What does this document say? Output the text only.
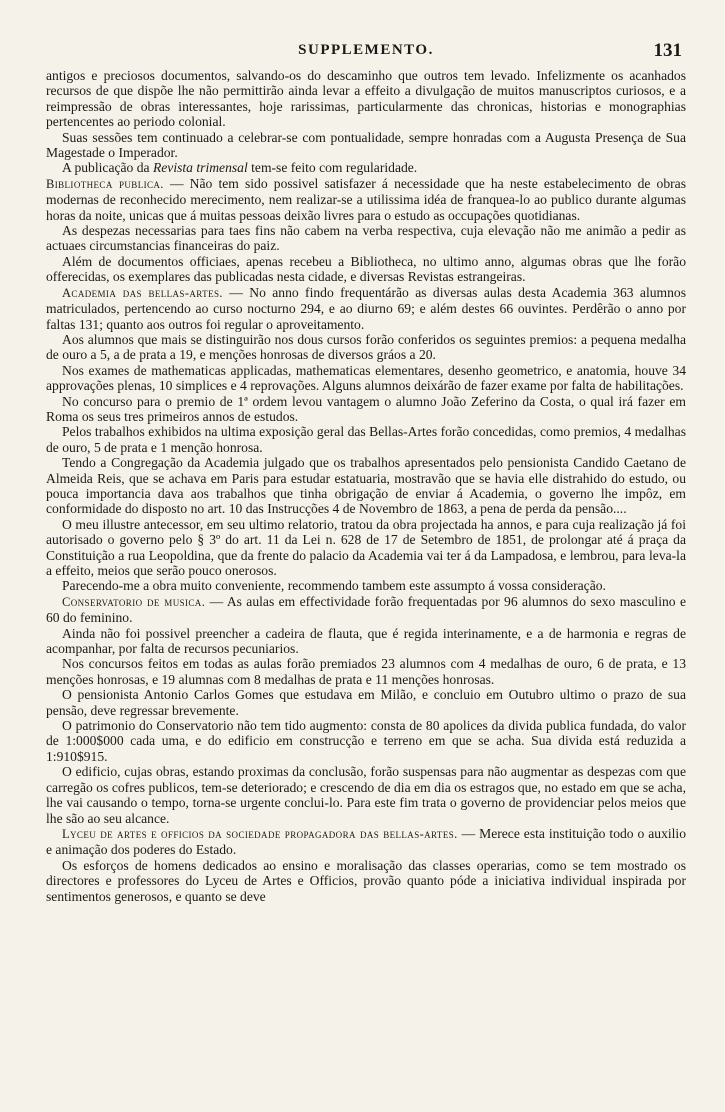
SUPPLEMENTO.	131

antigos e preciosos documentos, salvando-os do descaminho que outros tem levado. Infelizmente os acanhados recursos de que dispõe lhe não permittirão ainda levar a effeito a divulgação de muitos manuscriptos curiosos, e a reimpressão de obras interessantes, hoje rarissimas, particularmente das chronicas, historias e monographias pertencentes ao periodo colonial.

Suas sessões tem continuado a celebrar-se com pontualidade, sempre honradas com a Augusta Presença de Sua Magestade o Imperador.

A publicação da Revista trimensal tem-se feito com regularidade.

Bibliotheca publica. — Não tem sido possivel satisfazer á necessidade que ha neste estabelecimento de obras modernas de reconhecido merecimento, nem realizar-se a utilissima idéa de franquea-lo ao publico durante algumas horas da noite, unicas que á muitas pessoas deixão livres para o estudo as occupações quotidianas.

As despezas necessarias para taes fins não cabem na verba respectiva, cuja elevação não me animão a pedir as actuaes circumstancias financeiras do paiz.

Além de documentos officiaes, apenas recebeu a Bibliotheca, no ultimo anno, algumas obras que lhe forão offerecidas, os exemplares das publicadas nesta cidade, e diversas Revistas estrangeiras.

Academia das bellas-artes. — No anno findo frequentárão as diversas aulas desta Academia 363 alumnos matriculados, pertencendo ao curso nocturno 294, e ao diurno 69; e além destes 66 ouvintes. Perdêrão o anno por faltas 131; quanto aos outros foi regular o aproveitamento.

Aos alumnos que mais se distinguirão nos dous cursos forão conferidos os seguintes premios: a pequena medalha de ouro a 5, a de prata a 19, e menções honrosas de diversos gráos a 20.

Nos exames de mathematicas applicadas, mathematicas elementares, desenho geometrico, e anatomia, houve 34 approvações plenas, 10 simplices e 4 reprovações. Alguns alumnos deixárão de fazer exame por falta de habilitações.

No concurso para o premio de 1ª ordem levou vantagem o alumno João Zeferino da Costa, o qual irá fazer em Roma os seus tres primeiros annos de estudos.

Pelos trabalhos exhibidos na ultima exposição geral das Bellas-Artes forão concedidas, como premios, 4 medalhas de ouro, 5 de prata e 1 menção honrosa.

Tendo a Congregação da Academia julgado que os trabalhos apresentados pelo pensionista Candido Caetano de Almeida Reis, que se achava em Paris para estudar estatuaria, mostravão que se havia elle distrahido do estudo, ou pouca importancia dava aos trabalhos que tinha obrigação de enviar á Academia, o governo lhe impôz, em conformidade do disposto no art. 10 das Instrucções 4 de Novembro de 1863, a pena de perda da pensão....

O meu illustre antecessor, em seu ultimo relatorio, tratou da obra projectada ha annos, e para cuja realização já foi autorisado o governo pelo § 3º do art. 11 da Lei n. 628 de 17 de Setembro de 1851, de prolongar até á praça da Constituição a rua Leopoldina, que da frente do palacio da Academia vai ter á da Lampadosa, e lembrou, para leva-la a effeito, meios que serão pouco onerosos.

Parecendo-me a obra muito conveniente, recommendo tambem este assumpto á vossa consideração.

Conservatorio de musica. — As aulas em effectividade forão frequentadas por 96 alumnos do sexo masculino e 60 do feminino.

Ainda não foi possivel preencher a cadeira de flauta, que é regida interinamente, e a de harmonia e regras de acompanhar, por falta de recursos pecuniarios.

Nos concursos feitos em todas as aulas forão premiados 23 alumnos com 4 medalhas de ouro, 6 de prata, e 13 menções honrosas, e 19 alumnas com 8 medalhas de prata e 11 menções honrosas.

O pensionista Antonio Carlos Gomes que estudava em Milão, e concluio em Outubro ultimo o prazo de sua pensão, deve regressar brevemente.

O patrimonio do Conservatorio não tem tido augmento: consta de 80 apolices da divida publica fundada, do valor de 1:000$000 cada uma, e do edificio em construcção e terreno em que se acha. Sua divida está reduzida a 1:910$915.

O edificio, cujas obras, estando proximas da conclusão, forão suspensas para não augmentar as despezas com que carregão os cofres publicos, tem-se deteriorado; e crescendo de dia em dia os estragos que, no estado em que se acha, lhe vai causando o tempo, torna-se urgente conclui-lo. Para este fim trata o governo de providenciar pelos meios que lhe são ao seu alcance.

Lyceu de artes e officios da sociedade propagadora das bellas-artes. — Merece esta instituição todo o auxilio e animação dos poderes do Estado.

Os esforços de homens dedicados ao ensino e moralisação das classes operarias, como se tem mostrado os directores e professores do Lyceu de Artes e Officios, provão quanto póde a iniciativa individual inspirada por sentimentos generosos, e quanto se deve
